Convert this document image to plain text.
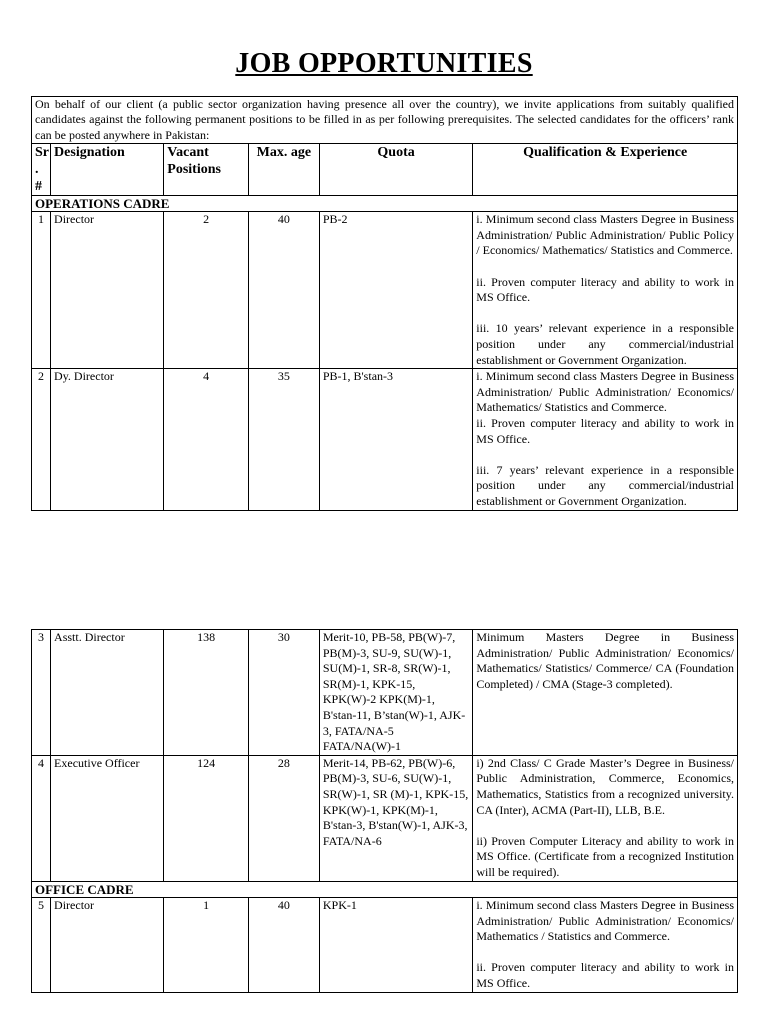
JOB OPPORTUNITIES
On behalf of our client (a public sector organization having presence all over the country), we invite applications from suitably qualified candidates against the following permanent positions to be filled in as per following prerequisites. The selected candidates for the officers’ rank can be posted anywhere in Pakistan:					
Sr . #	Designation	Vacant Positions	Max. age	Quota	Qualification & Experience
OPERATIONS CADRE					
1	Director	2	40	PB-2	i. Minimum second class Masters Degree in Business Administration/ Public Administration/ Public Policy / Economics/ Mathematics/ Statistics and Commerce.
ii. Proven computer literacy and ability to work in MS Office.
iii. 10 years’ relevant experience in a responsible position under any commercial/industrial establishment or Government Organization.

2	Dy. Director	4	35	PB-1, B'stan-3	i. Minimum second class Masters Degree in Business Administration/ Public Administration/ Economics/ Mathematics/ Statistics and Commerce.
ii. Proven computer literacy and ability to work in MS Office.
iii. 7 years’ relevant experience in a responsible position under any commercial/industrial establishment or Government Organization.
3	Asstt. Director	138	30	Merit-10, PB-58, PB(W)-7, PB(M)-3, SU-9, SU(W)-1, SU(M)-1, SR-8, SR(W)-1, SR(M)-1, KPK-15, KPK(W)-2 KPK(M)-1, B'stan-11, B’stan(W)-1, AJK-3, FATA/NA-5 FATA/NA(W)-1	Minimum Masters Degree in Business Administration/ Public Administration/ Economics/ Mathematics/ Statistics/ Commerce/ CA (Foundation Completed) / CMA (Stage-3 completed).

4	Executive Officer	124	28	Merit-14, PB-62, PB(W)-6, PB(M)-3, SU-6, SU(W)-1, SR(W)-1, SR (M)-1, KPK-15, KPK(W)-1, KPK(M)-1, B'stan-3, B'stan(W)-1, AJK-3, FATA/NA-6	i) 2nd Class/ C Grade Master’s Degree in Business/ Public Administration, Commerce, Economics, Mathematics, Statistics from a recognized university. CA (Inter), ACMA (Part-II), LLB, B.E.
ii) Proven Computer Literacy and ability to work in MS Office. (Certificate from a recognized Institution will be required).

OFFICE CADRE					
5	Director	1	40	KPK-1	i. Minimum second class Masters Degree in Business Administration/ Public Administration/ Economics/ Mathematics / Statistics and Commerce.
ii. Proven computer literacy and ability to work in MS Office.
